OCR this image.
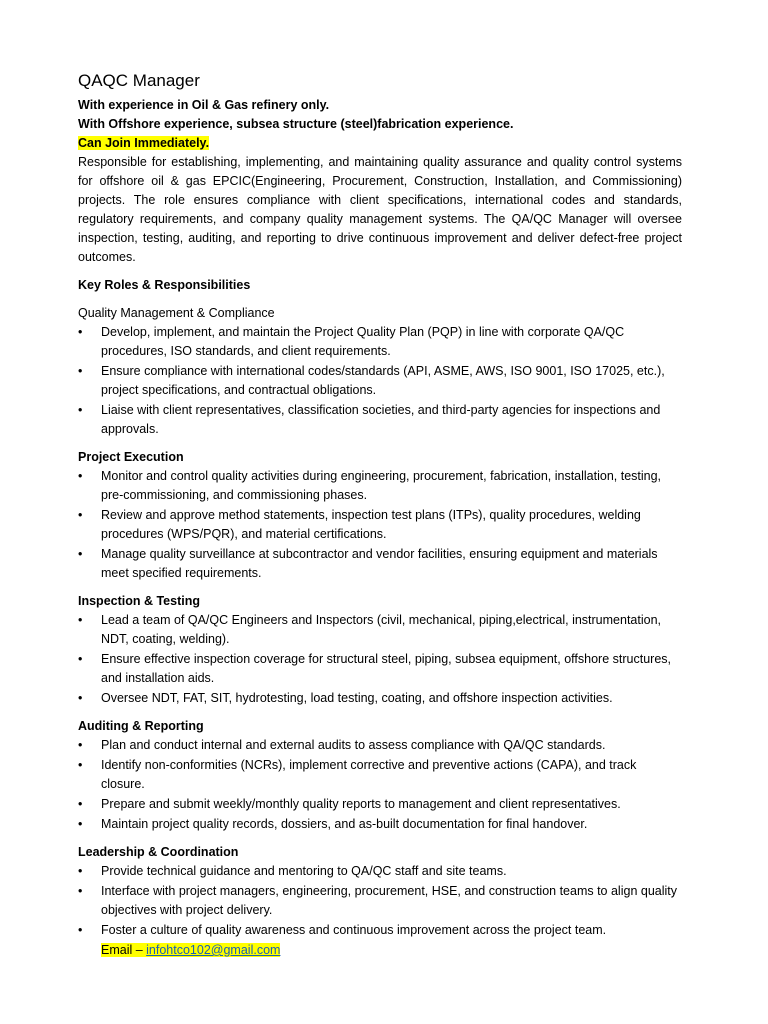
QAQC Manager

With experience in Oil & Gas refinery only.

With Offshore experience, subsea structure (steel)fabrication experience.

Can Join Immediately.

Responsible for establishing, implementing, and maintaining quality assurance and quality control systems for offshore oil & gas EPCIC(Engineering, Procurement, Construction, Installation, and Commissioning) projects. The role ensures compliance with client specifications, international codes and standards, regulatory requirements, and company quality management systems. The QA/QC Manager will oversee inspection, testing, auditing, and reporting to drive continuous improvement and deliver defect-free project outcomes.

Key Roles & Responsibilities
Quality Management & Compliance
• Develop, implement, and maintain the Project Quality Plan (PQP) in line with corporate QA/QC procedures, ISO standards, and client requirements.
• Ensure compliance with international codes/standards (API, ASME, AWS, ISO 9001, ISO 17025, etc.), project specifications, and contractual obligations.
• Liaise with client representatives, classification societies, and third-party agencies for inspections and approvals.
Project Execution
• Monitor and control quality activities during engineering, procurement, fabrication, installation, testing, pre-commissioning, and commissioning phases.
• Review and approve method statements, inspection test plans (ITPs), quality procedures, welding procedures (WPS/PQR), and material certifications.
• Manage quality surveillance at subcontractor and vendor facilities, ensuring equipment and materials meet specified requirements.
Inspection & Testing
• Lead a team of QA/QC Engineers and Inspectors (civil, mechanical, piping,electrical, instrumentation, NDT, coating, welding).
• Ensure effective inspection coverage for structural steel, piping, subsea equipment, offshore structures, and installation aids.
• Oversee NDT, FAT, SIT, hydrotesting, load testing, coating, and offshore inspection activities.
Auditing & Reporting
• Plan and conduct internal and external audits to assess compliance with QA/QC standards.
• Identify non-conformities (NCRs), implement corrective and preventive actions (CAPA), and track closure.
• Prepare and submit weekly/monthly quality reports to management and client representatives.
• Maintain project quality records, dossiers, and as-built documentation for final handover.
Leadership & Coordination
• Provide technical guidance and mentoring to QA/QC staff and site teams.
• Interface with project managers, engineering, procurement, HSE, and construction teams to align quality objectives with project delivery.
• Foster a culture of quality awareness and continuous improvement across the project team.

Email – infohtco102@gmail.com
